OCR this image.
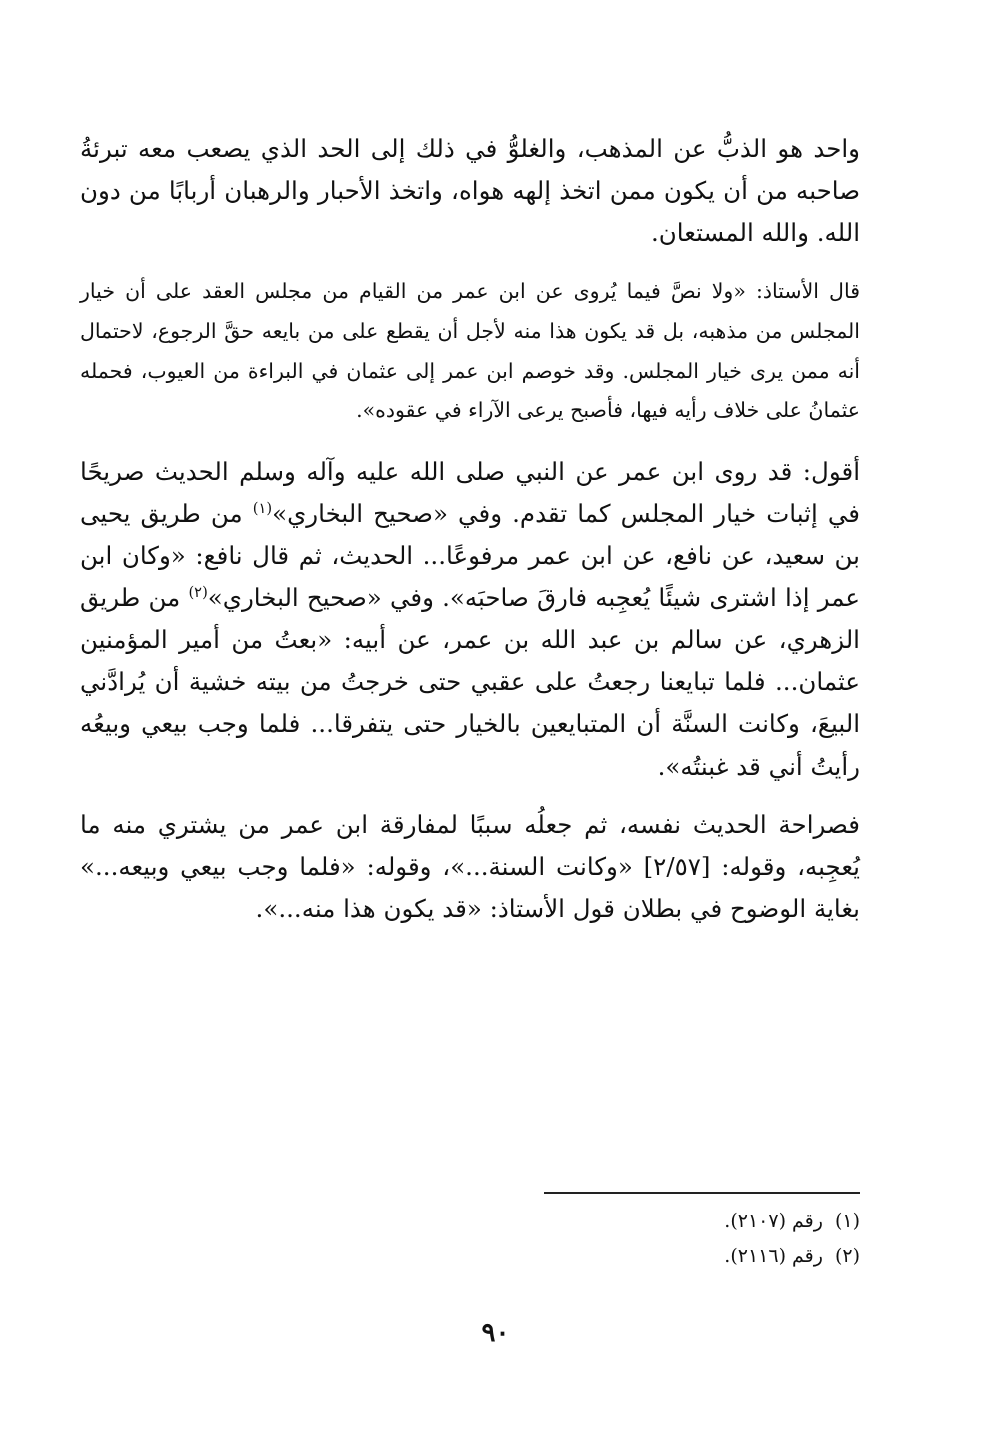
واحد هو الذبُّ عن المذهب، والغلوُّ في ذلك إلى الحد الذي يصعب معه تبرئةُ صاحبه من أن يكون ممن اتخذ إلهه هواه، واتخذ الأحبار والرهبان أربابًا من دون الله. والله المستعان.

قال الأستاذ: «ولا نصَّ فيما يُروى عن ابن عمر من القيام من مجلس العقد على أن خيار المجلس من مذهبه، بل قد يكون هذا منه لأجل أن يقطع على من بايعه حقَّ الرجوع، لاحتمال أنه ممن يرى خيار المجلس. وقد خوصم ابن عمر إلى عثمان في البراءة من العيوب، فحمله عثمانُ على خلاف رأيه فيها، فأصبح يرعى الآراء في عقوده».

أقول: قد روى ابن عمر عن النبي صلى الله عليه وآله وسلم الحديث صريحًا في إثبات خيار المجلس كما تقدم. وفي «صحيح البخاري»$^{(١)}$ من طريق يحيى بن سعيد، عن نافع، عن ابن عمر مرفوعًا... الحديث، ثم قال نافع: «وكان ابن عمر إذا اشترى شيئًا يُعجِبه فارقَ صاحبَه». وفي «صحيح البخاري»$^{(٢)}$ من طريق الزهري، عن سالم بن عبد الله بن عمر، عن أبيه: «بعتُ من أمير المؤمنين عثمان... فلما تبايعنا رجعتُ على عقبي حتى خرجتُ من بيته خشية أن يُرادَّني البيعَ، وكانت السنَّة أن المتبايعين بالخيار حتى يتفرقا... فلما وجب بيعي وبيعُه رأيتُ أني قد غبنتُه».

فصراحة الحديث نفسه، ثم جعلُه سببًا لمفارقة ابن عمر من يشتري منه ما يُعجِبه، وقوله: [٢/٥٧] «وكانت السنة...»، وقوله: «فلما وجب بيعي وبيعه...» بغاية الوضوح في بطلان قول الأستاذ: «قد يكون هذا منه...».

(١)رقم (٢١٠٧).

(٢)رقم (٢١١٦).

٩٠
